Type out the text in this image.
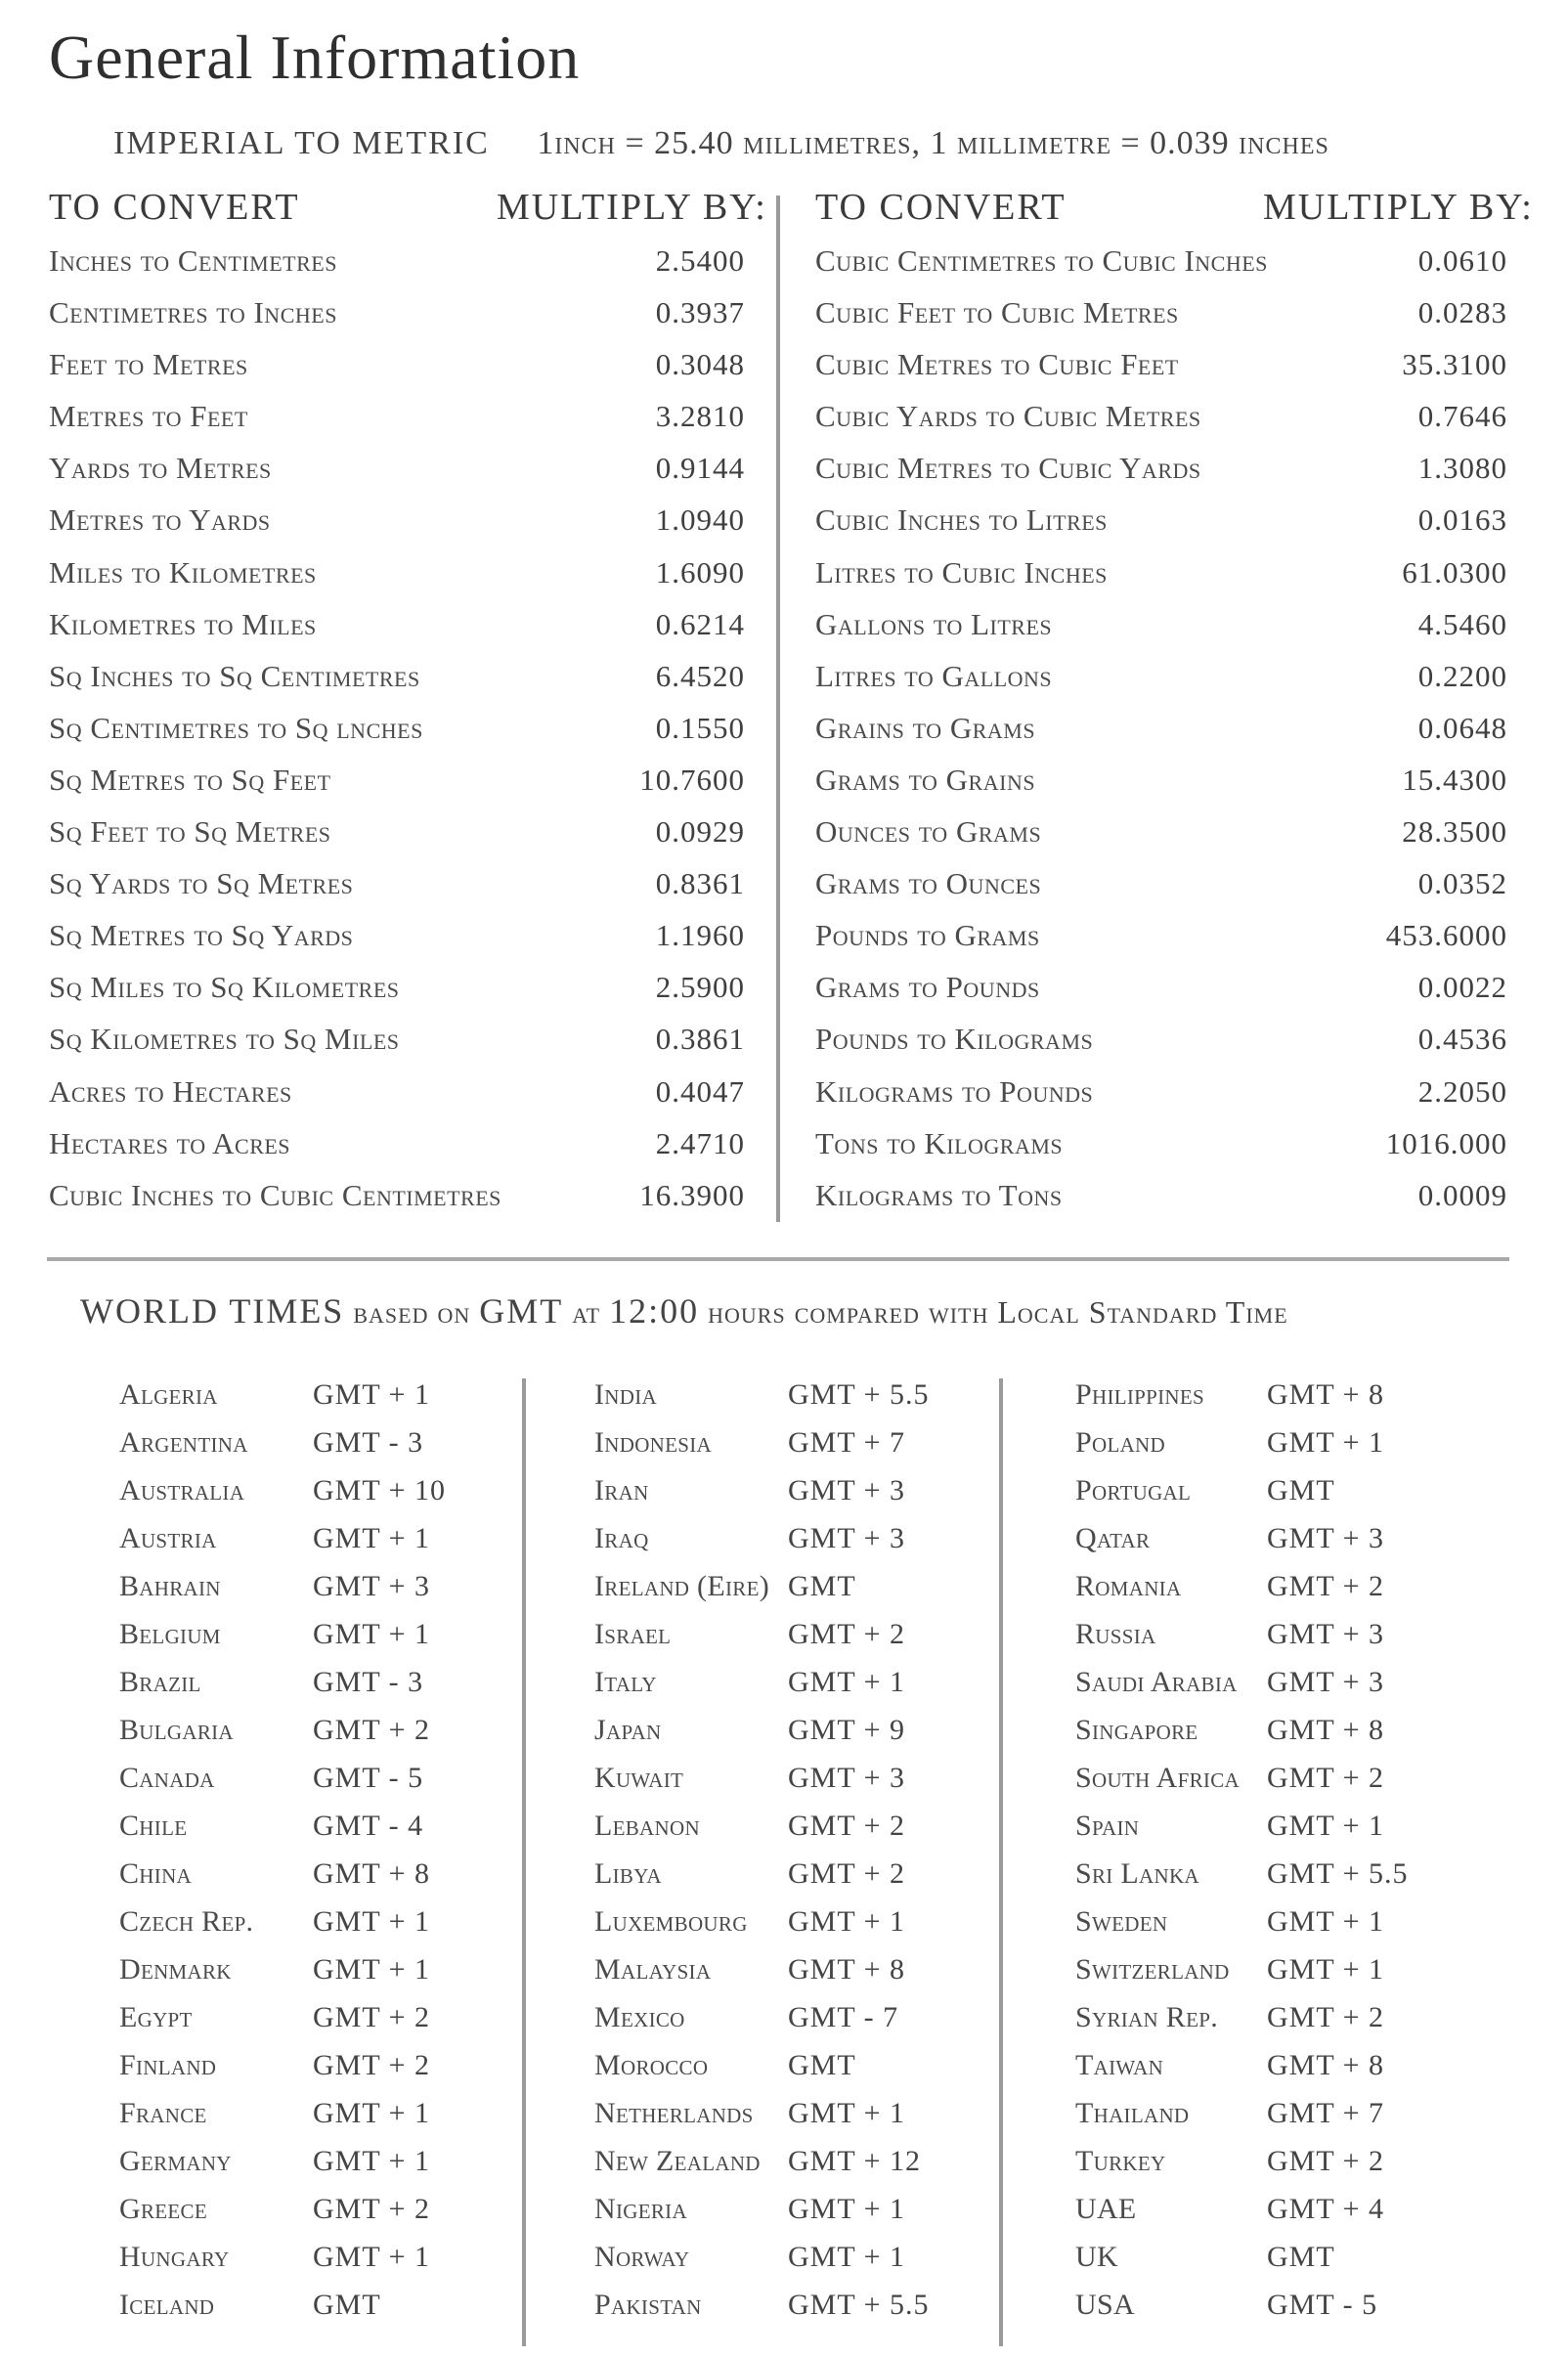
General Information
IMPERIAL TO METRIC 1inch = 25.40 millimetres, 1 millimetre = 0.039 inches
TO CONVERT	MULTIPLY BY: TO CONVERT	MULTIPLY BY:
Inches to Centimetres	2.5400
Centimetres to Inches	0.3937
Feet to Metres	0.3048
Metres to Feet	3.2810
Yards to Metres	0.9144
Metres to Yards	1.0940
Miles to Kilometres	1.6090
Kilometres to Miles	0.6214
Sq Inches to Sq Centimetres	6.4520
Sq Centimetres to Sq lnches	0.1550
Sq Metres to Sq Feet	10.7600
Sq Feet to Sq Metres	0.0929
Sq Yards to Sq Metres	0.8361
Sq Metres to Sq Yards	1.1960
Sq Miles to Sq Kilometres	2.5900
Sq Kilometres to Sq Miles	0.3861
Acres to Hectares	0.4047
Hectares to Acres	2.4710
Cubic Inches to Cubic Centimetres	16.3900
Cubic Centimetres to Cubic Inches	0.0610
Cubic Feet to Cubic Metres	0.0283
Cubic Metres to Cubic Feet	35.3100
Cubic Yards to Cubic Metres	0.7646
Cubic Metres to Cubic Yards	1.3080
Cubic Inches to Litres	0.0163
Litres to Cubic Inches	61.0300
Gallons to Litres	4.5460
Litres to Gallons	0.2200
Grains to Grams	0.0648
Grams to Grains	15.4300
Ounces to Grams	28.3500
Grams to Ounces	0.0352
Pounds to Grams	453.6000
Grams to Pounds	0.0022
Pounds to Kilograms	0.4536
Kilograms to Pounds	2.2050
Tons to Kilograms	1016.000
Kilograms to Tons	0.0009
WORLD TIMES based on GMT at 12:00 hours compared with Local Standard Time
Algeria	GMT + 1
Argentina GMT - 3
Australia GMT + 10
Austria	GMT + 1
Bahrain	GMT + 3
Belgium	GMT + 1
Brazil	GMT - 3
Bulgaria	GMT + 2
Canada	GMT - 5
Chile	GMT - 4
China	GMT + 8
Czech Rep. GMT + 1
Denmark	GMT + 1
Egypt	GMT + 2
Finland	GMT + 2
France	GMT + 1
Germany	GMT + 1
Greece	GMT + 2
Hungary	GMT + 1
Iceland	GMT
India	GMT + 5.5
Indonesia	GMT + 7
Iran	GMT + 3
Iraq	GMT + 3
Ireland (Eire) GMT
Israel	GMT + 2
Italy	GMT + 1
Japan	GMT + 9
Kuwait	GMT + 3
Lebanon	GMT + 2
Libya	GMT + 2
Luxembourg GMT + 1
Malaysia	GMT + 8
Mexico	GMT - 7
Morocco	GMT
Netherlands GMT + 1
New Zealand GMT + 12
Nigeria	GMT + 1
Norway	GMT + 1
Pakistan	GMT + 5.5
Philippines GMT + 8
Poland	GMT + 1
Portugal	GMT
Qatar	GMT + 3
Romania	GMT + 2
Russia	GMT + 3
Saudi Arabia GMT + 3
Singapore GMT + 8
South Africa GMT + 2
Spain	GMT + 1
Sri Lanka GMT + 5.5
Sweden	GMT + 1
Switzerland GMT + 1
Syrian Rep. GMT + 2
Taiwan	GMT + 8
Thailand	GMT + 7
Turkey	GMT + 2
UAE	GMT + 4
UK	GMT
USA	GMT - 5
